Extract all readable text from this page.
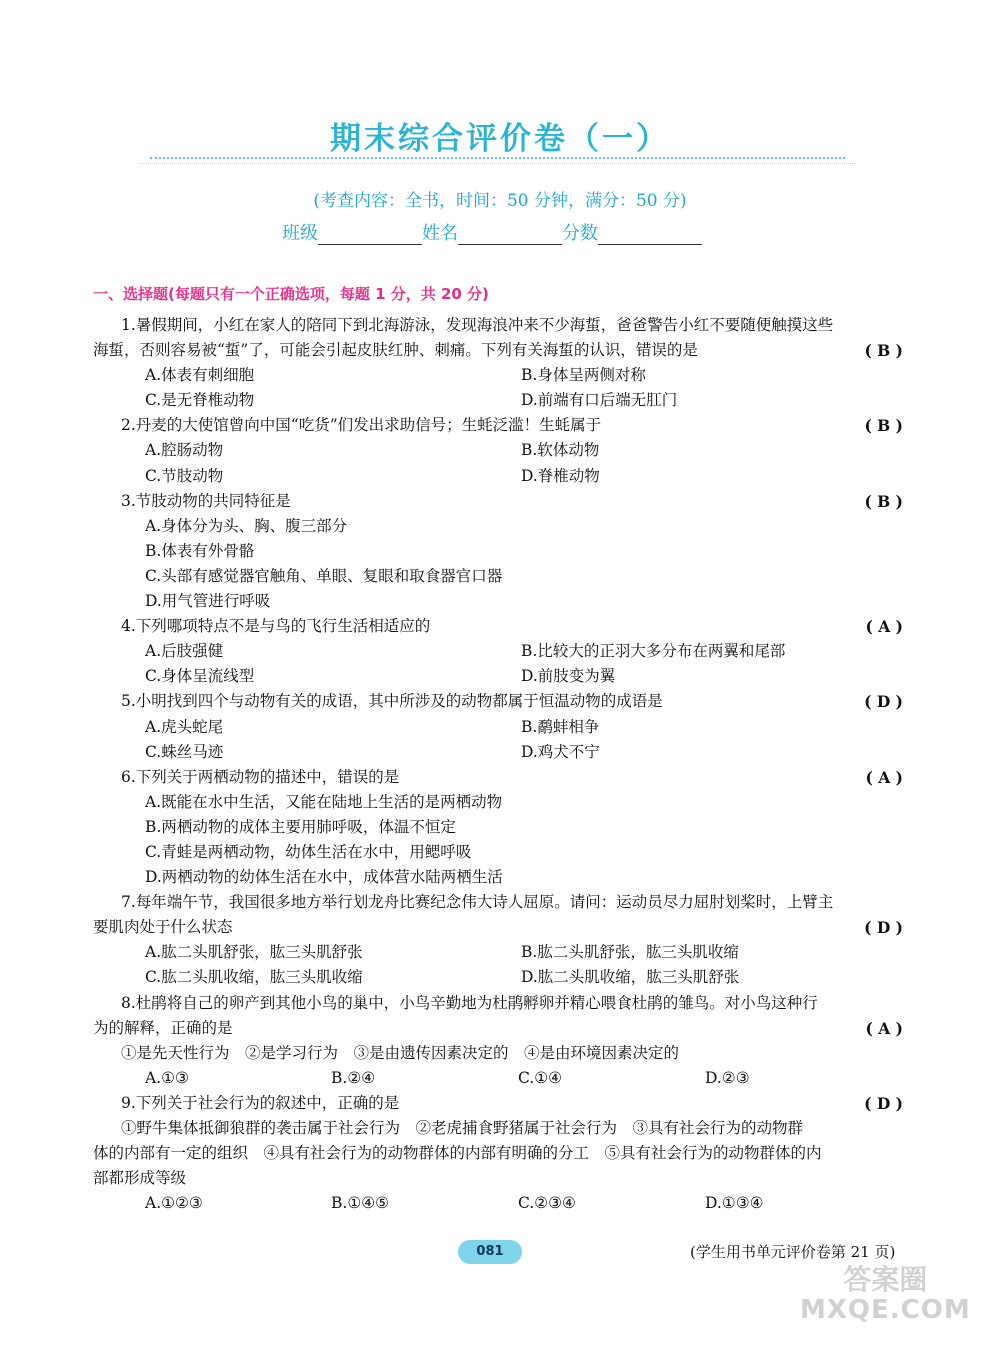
期末综合评价卷（一）
(考查内容：全书，时间：50 分钟，满分：50 分)
班级	姓名	分数
一、选择题(每题只有一个正确选项，每题 1 分，共 20 分)
1.暑假期间，小红在家人的陪同下到北海游泳，发现海浪冲来不少海蜇，爸爸警告小红不要随便触摸这些
海蜇，否则容易被“蜇”了，可能会引起皮肤红肿、刺痛。下列有关海蜇的认识，错误的是	( B )
A.体表有刺细胞	B.身体呈两侧对称
C.是无脊椎动物	D.前端有口后端无肛门
2.丹麦的大使馆曾向中国“吃货”们发出求助信号；生蚝泛滥！生蚝属于	( B )
A.腔肠动物	B.软体动物
C.节肢动物	D.脊椎动物
3.节肢动物的共同特征是	( B )
A.身体分为头、胸、腹三部分
B.体表有外骨骼
C.头部有感觉器官触角、单眼、复眼和取食器官口器
D.用气管进行呼吸
4.下列哪项特点不是与鸟的飞行生活相适应的	( A )
A.后肢强健	B.比较大的正羽大多分布在两翼和尾部
C.身体呈流线型	D.前肢变为翼
5.小明找到四个与动物有关的成语，其中所涉及的动物都属于恒温动物的成语是	( D )
A.虎头蛇尾	B.鹬蚌相争
C.蛛丝马迹	D.鸡犬不宁
6.下列关于两栖动物的描述中，错误的是	( A )
A.既能在水中生活，又能在陆地上生活的是两栖动物
B.两栖动物的成体主要用肺呼吸，体温不恒定
C.青蛙是两栖动物，幼体生活在水中，用鳃呼吸
D.两栖动物的幼体生活在水中，成体营水陆两栖生活
7.每年端午节，我国很多地方举行划龙舟比赛纪念伟大诗人屈原。请问：运动员尽力屈肘划桨时，上臂主
要肌肉处于什么状态	( D )
A.肱二头肌舒张，肱三头肌舒张	B.肱二头肌舒张，肱三头肌收缩
C.肱二头肌收缩，肱三头肌收缩	D.肱二头肌收缩，肱三头肌舒张
8.杜鹃将自己的卵产到其他小鸟的巢中，小鸟辛勤地为杜鹃孵卵并精心喂食杜鹃的雏鸟。对小鸟这种行
为的解释，正确的是	( A )
①是先天性行为　②是学习行为　③是由遗传因素决定的　④是由环境因素决定的
A.①③	B.②④	C.①④	D.②③
9.下列关于社会行为的叙述中，正确的是	( D )
①野牛集体抵御狼群的袭击属于社会行为　②老虎捕食野猪属于社会行为　③具有社会行为的动物群
体的内部有一定的组织　④具有社会行为的动物群体的内部有明确的分工　⑤具有社会行为的动物群体的内
部都形成等级
A.①②③	B.①④⑤	C.②③④	D.①③④
081	(学生用书单元评价卷第 21 页)
答案圈
MXQE.COM
